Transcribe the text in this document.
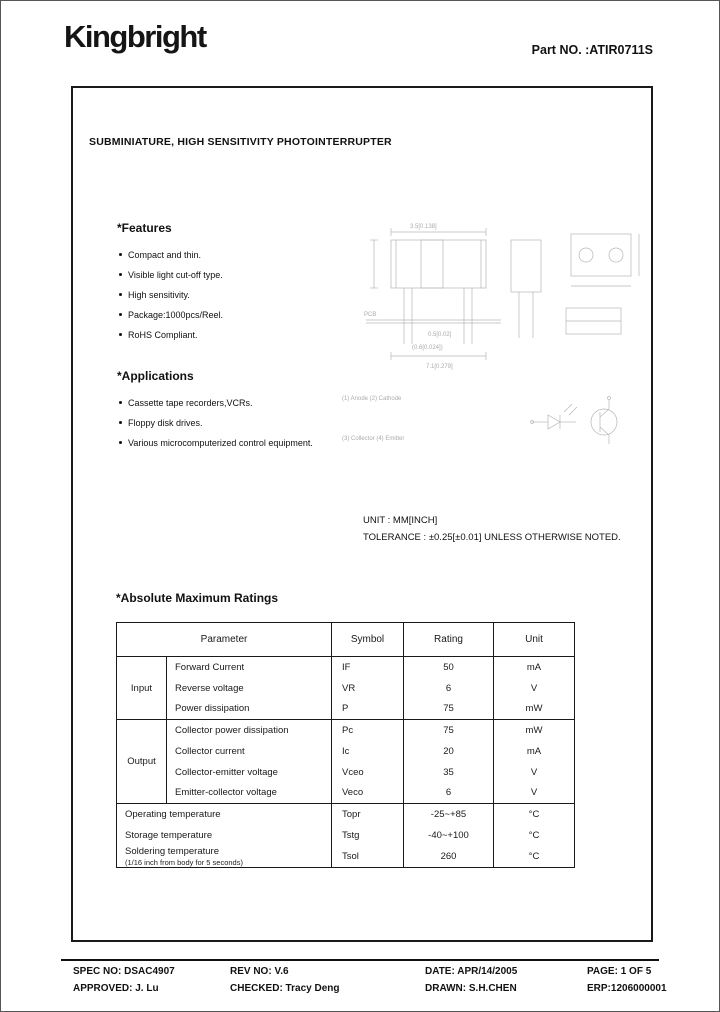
Kingbright	Part NO. :ATIR0711S
SUBMINIATURE, HIGH SENSITIVITY PHOTOINTERRUPTER
*Features
Compact and thin.
Visible light cut-off type.
High sensitivity.
Package:1000pcs/Reel.
RoHS Compliant.
*Applications
Cassette tape recorders,VCRs.
Floppy disk drives.
Various microcomputerized control equipment.
3.5[0.138]
PCB
0.5[0.02]
(0.6[0.024])
7.1[0.279]
(1) Anode (2) Cathode
(3) Collector (4) Emitter
UNIT : MM[INCH]
TOLERANCE : ±0.25[±0.01] UNLESS OTHERWISE NOTED.
*Absolute Maximum Ratings
Parameter		Symbol	Rating	Unit
Input	Forward Current	IF	50	mA
	Reverse voltage	VR	6	V
	Power dissipation	P	75	mW
Output	Collector power dissipation	Pc	75	mW
	Collector current	Ic	20	mA
	Collector-emitter voltage	Vceo	35	V
	Emitter-collector voltage	Veco	6	V
Operating temperature		Topr	-25~+85	°C
Storage temperature		Tstg	-40~+100	°C
Soldering temperature
(1/16 inch from body for 5 seconds)		Tsol	260	°C
SPEC NO: DSAC4907	REV NO: V.6	DATE: APR/14/2005	PAGE: 1 OF 5
APPROVED: J. Lu	CHECKED: Tracy Deng	DRAWN: S.H.CHEN	ERP:1206000001
